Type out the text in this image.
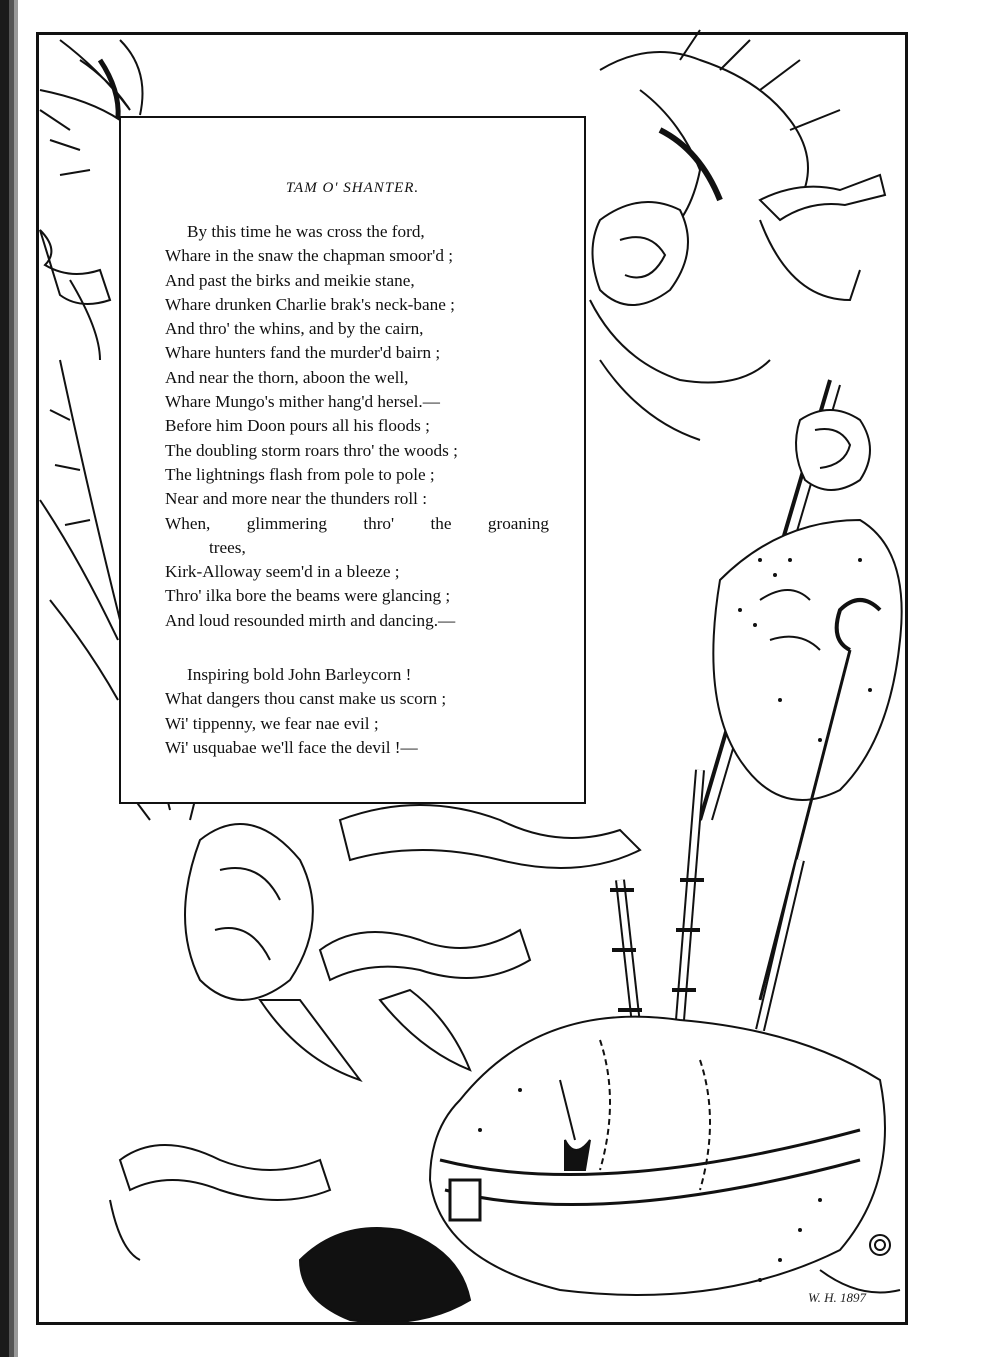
TAM O' SHANTER.
By this time he was cross the ford,
Whare in the snaw the chapman smoor'd ;
And past the birks and meikie stane,
Whare drunken Charlie brak's neck-bane ;
And thro' the whins, and by the cairn,
Whare hunters fand the murder'd bairn ;
And near the thorn, aboon the well,
Whare Mungo's mither hang'd hersel.—
Before him Doon pours all his floods ;
The doubling storm roars thro' the woods ;
The lightnings flash from pole to pole ;
Near and more near the thunders roll :
When, glimmering thro' the groaning
trees,
Kirk-Alloway seem'd in a bleeze ;
Thro' ilka bore the beams were glancing ;
And loud resounded mirth and dancing.—
Inspiring bold John Barleycorn !
What dangers thou canst make us scorn ;
Wi' tippenny, we fear nae evil ;
Wi' usquabae we'll face the devil !—
W. H. 1897
